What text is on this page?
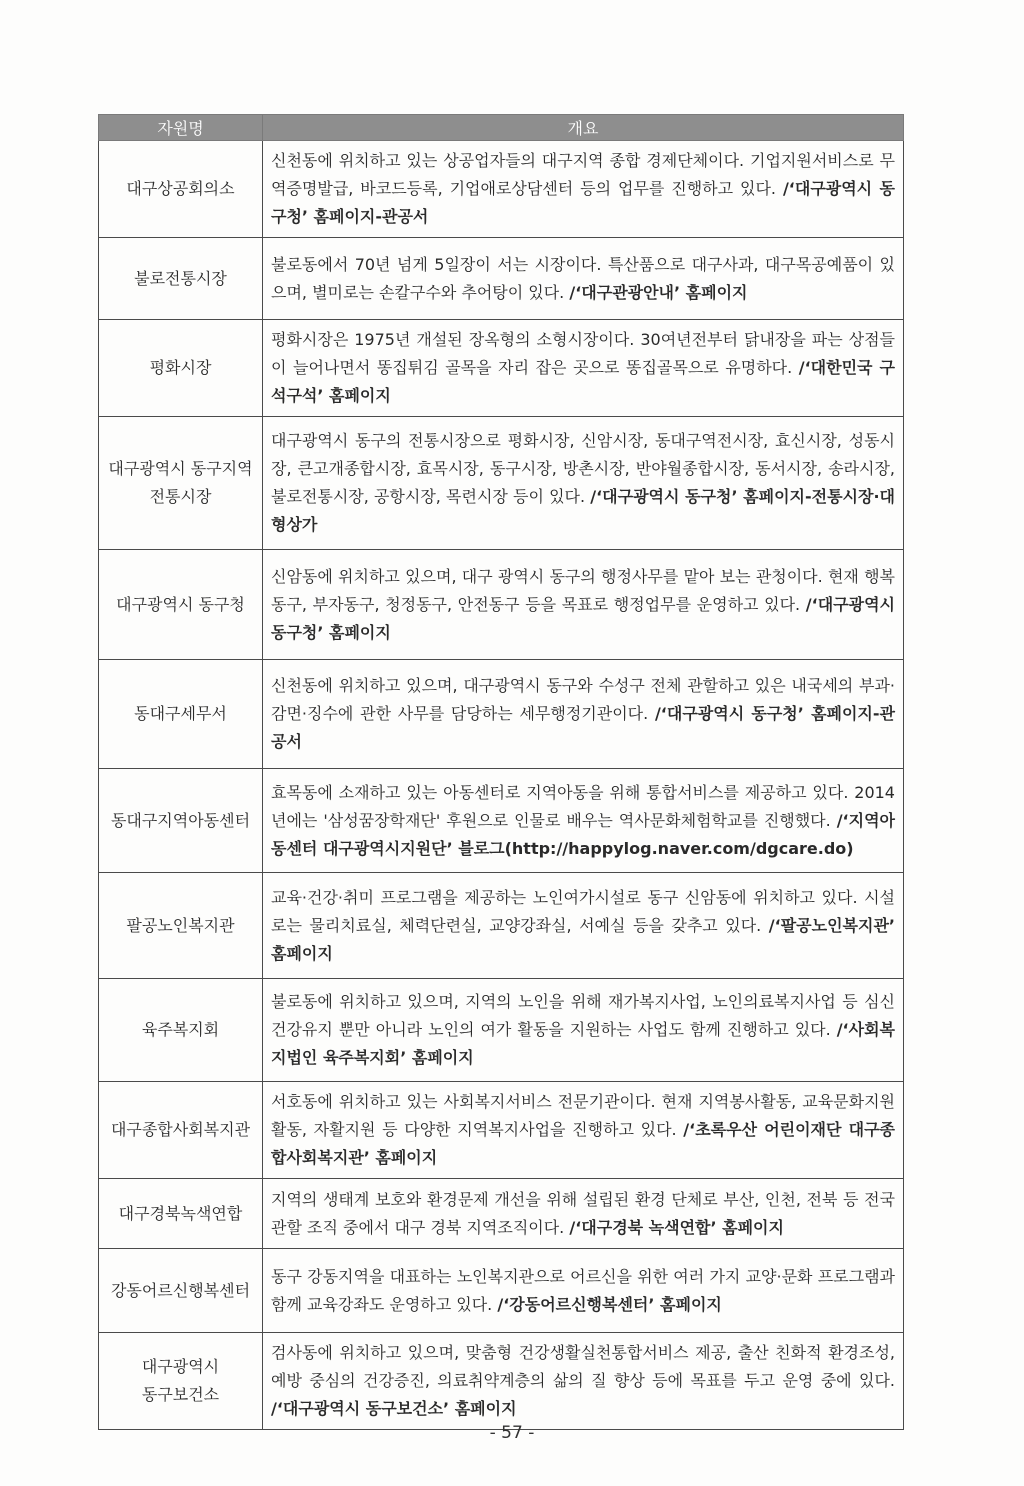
자원명	개요
대구상공회의소	신천동에 위치하고 있는 상공업자들의 대구지역 종합 경제단체이다. 기업지원서비스로 무역증명발급, 바코드등록, 기업애로상담센터 등의 업무를 진행하고 있다. /‘대구광역시 동구청’ 홈페이지-관공서
불로전통시장	불로동에서 70년 넘게 5일장이 서는 시장이다. 특산품으로 대구사과, 대구목공예품이 있으며, 별미로는 손칼구수와 추어탕이 있다. /‘대구관광안내’ 홈페이지
평화시장	평화시장은 1975년 개설된 장옥형의 소형시장이다. 30여년전부터 닭내장을 파는 상점들이 늘어나면서 똥집튀김 골목을 자리 잡은 곳으로 똥집골목으로 유명하다. /‘대한민국 구석구석’ 홈페이지
대구광역시 동구지역 전통시장	대구광역시 동구의 전통시장으로 평화시장, 신암시장, 동대구역전시장, 효신시장, 성동시장, 큰고개종합시장, 효목시장, 동구시장, 방촌시장, 반야월종합시장, 동서시장, 송라시장, 불로전통시장, 공항시장, 목련시장 등이 있다. /‘대구광역시 동구청’ 홈페이지-전통시장·대형상가
대구광역시 동구청	신암동에 위치하고 있으며, 대구 광역시 동구의 행정사무를 맡아 보는 관청이다. 현재 행복동구, 부자동구, 청정동구, 안전동구 등을 목표로 행정업무를 운영하고 있다. /‘대구광역시 동구청’ 홈페이지
동대구세무서	신천동에 위치하고 있으며, 대구광역시 동구와 수성구 전체 관할하고 있은 내국세의 부과·감면·징수에 관한 사무를 담당하는 세무행정기관이다. /‘대구광역시 동구청’ 홈페이지-관공서
동대구지역아동센터	효목동에 소재하고 있는 아동센터로 지역아동을 위해 통합서비스를 제공하고 있다. 2014년에는 '삼성꿈장학재단' 후원으로 인물로 배우는 역사문화체험학교를 진행했다. /‘지역아동센터 대구광역시지원단’ 블로그(http://happylog.naver.com/dgcare.do)
팔공노인복지관	교육·건강·취미 프로그램을 제공하는 노인여가시설로 동구 신암동에 위치하고 있다. 시설로는 물리치료실, 체력단련실, 교양강좌실, 서예실 등을 갖추고 있다. /‘팔공노인복지관’ 홈페이지
육주복지회	불로동에 위치하고 있으며, 지역의 노인을 위해 재가복지사업, 노인의료복지사업 등 심신건강유지 뿐만 아니라 노인의 여가 활동을 지원하는 사업도 함께 진행하고 있다. /‘사회복지법인 육주복지회’ 홈페이지
대구종합사회복지관	서호동에 위치하고 있는 사회복지서비스 전문기관이다. 현재 지역봉사활동, 교육문화지원활동, 자활지원 등 다양한 지역복지사업을 진행하고 있다. /‘초록우산 어린이재단 대구종합사회복지관’ 홈페이지
대구경북녹색연합	지역의 생태계 보호와 환경문제 개선을 위해 설립된 환경 단체로 부산, 인천, 전북 등 전국 관할 조직 중에서 대구 경북 지역조직이다. /‘대구경북 녹색연합’ 홈페이지
강동어르신행복센터	동구 강동지역을 대표하는 노인복지관으로 어르신을 위한 여러 가지 교양·문화 프로그램과 함께 교육강좌도 운영하고 있다. /‘강동어르신행복센터’ 홈페이지
대구광역시 동구보건소	검사동에 위치하고 있으며, 맞춤형 건강생활실천통합서비스 제공, 출산 친화적 환경조성, 예방 중심의 건강증진, 의료취약계층의 삶의 질 향상 등에 목표를 두고 운영 중에 있다. /‘대구광역시 동구보건소’ 홈페이지
- 57 -
